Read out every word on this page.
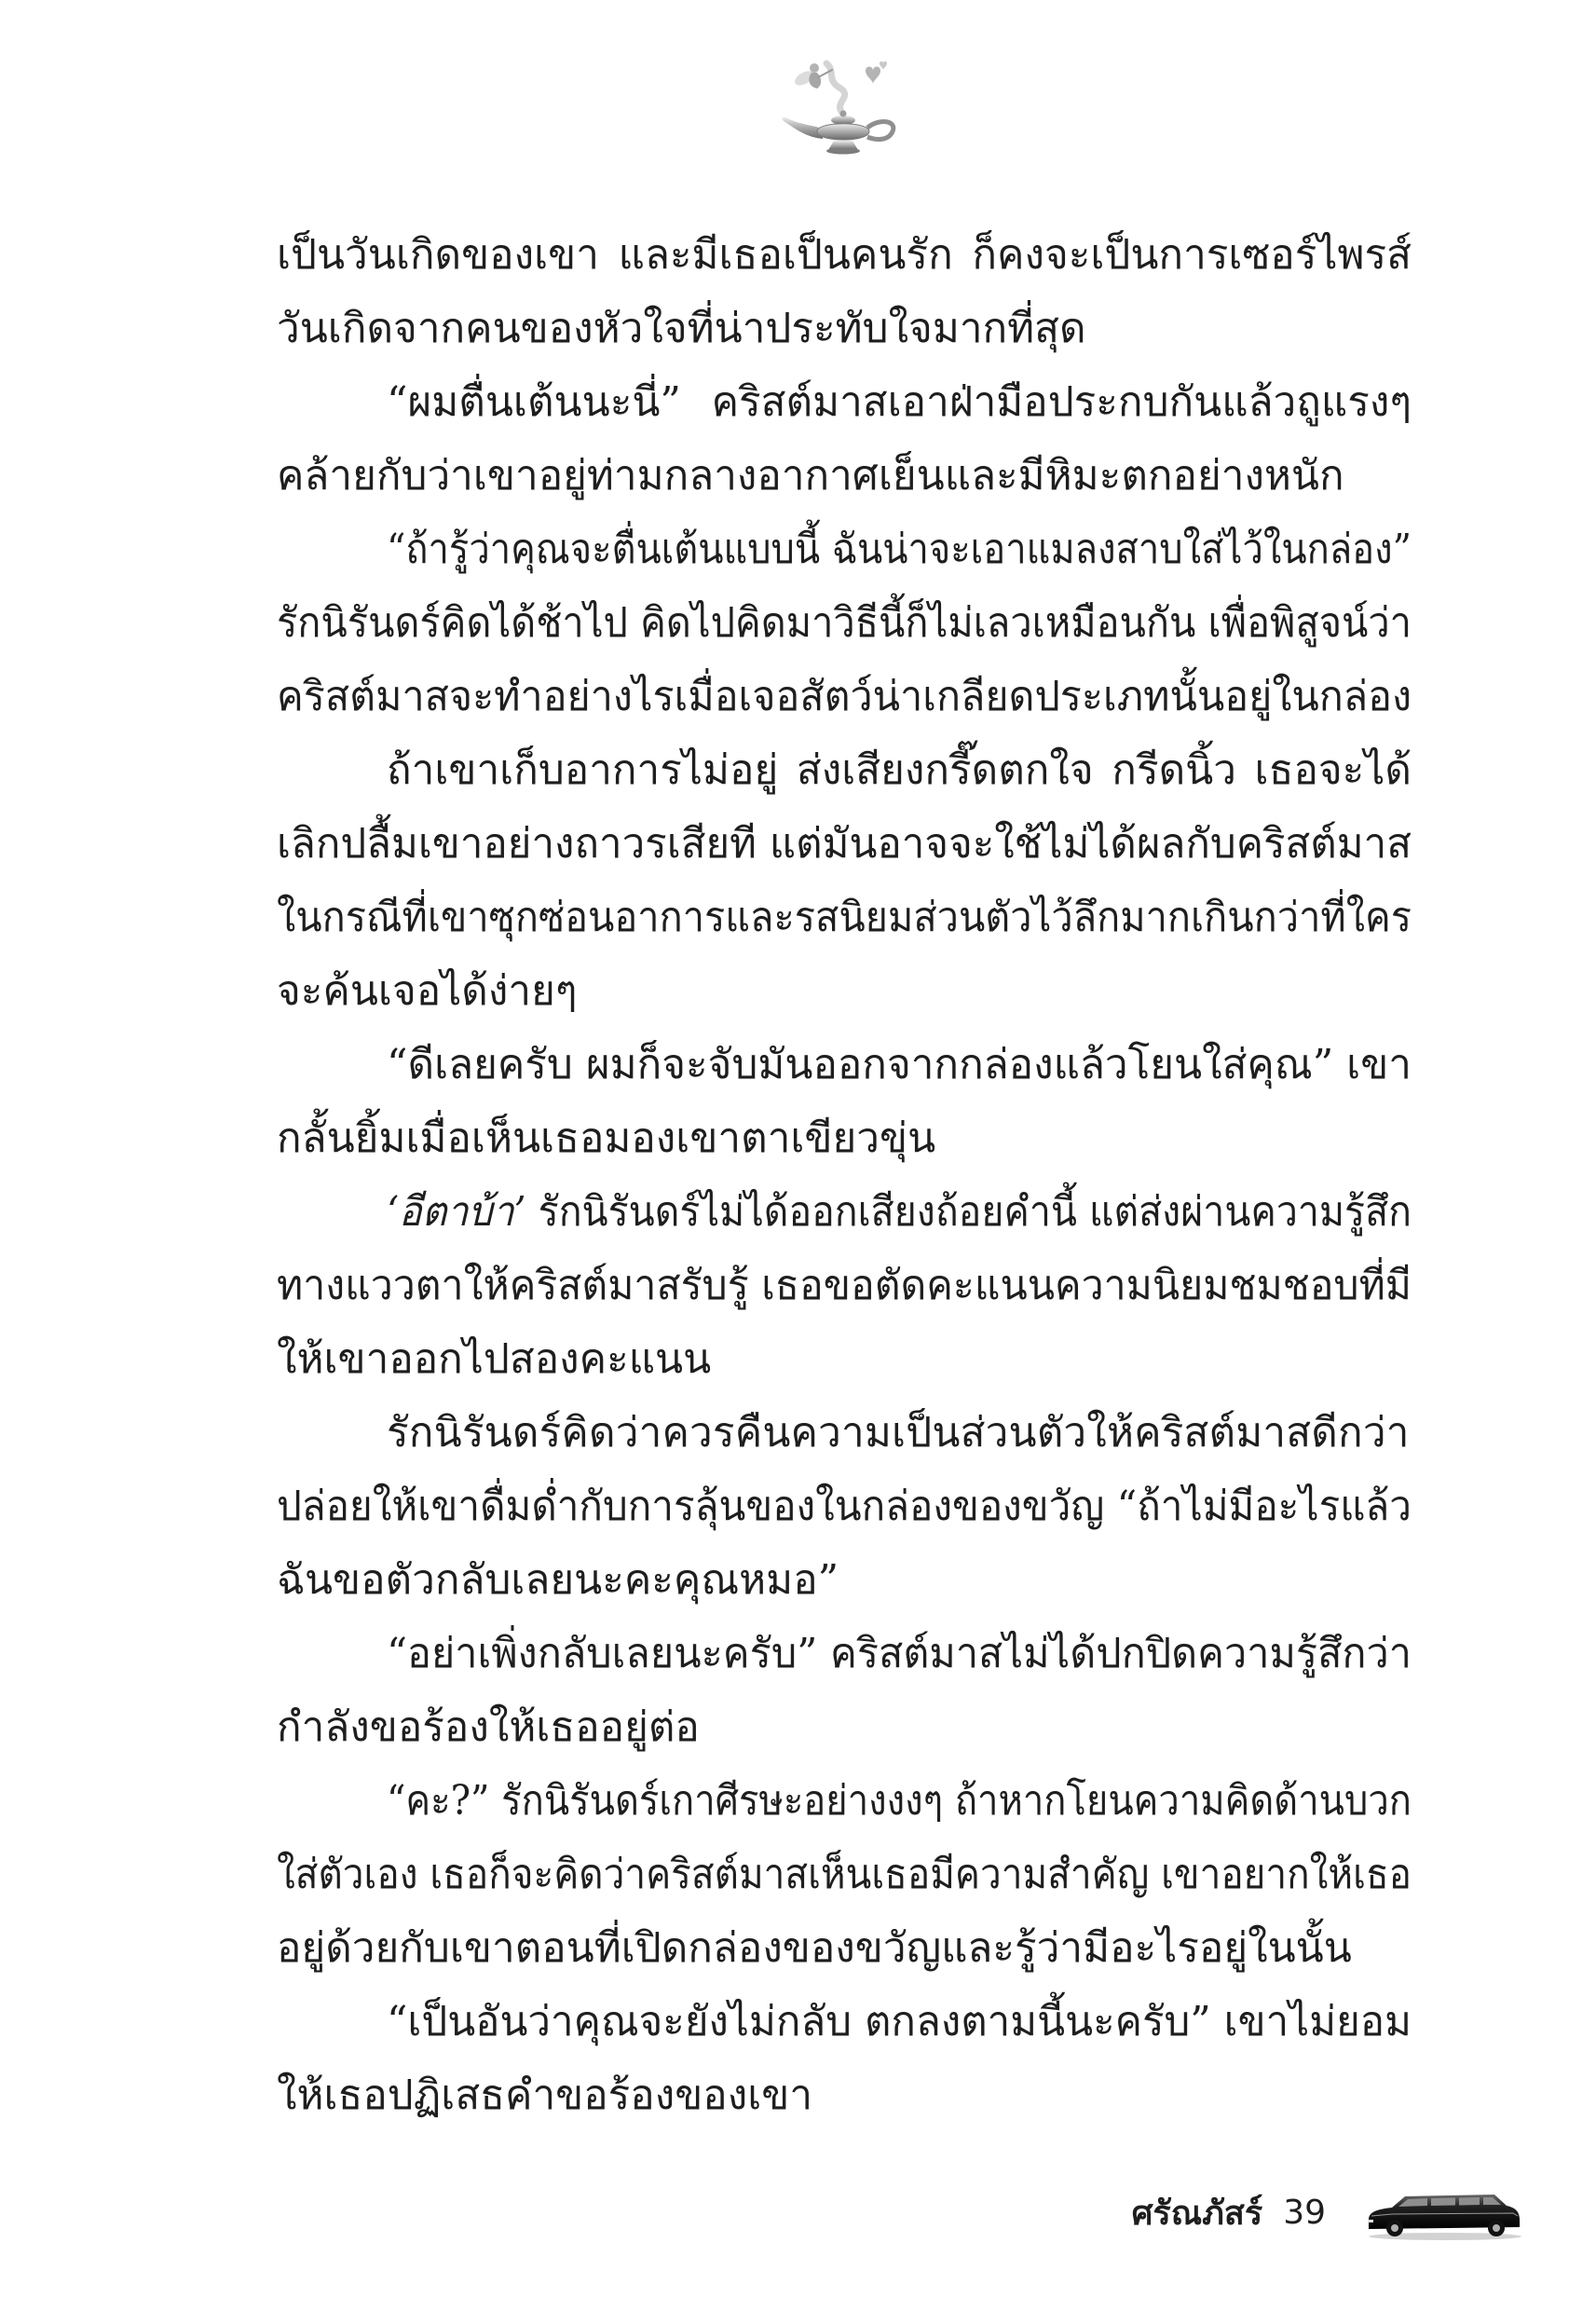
เป็นวันเกิดของเขา และมีเธอเป็นคนรัก ก็คงจะเป็นการเซอร์ไพรส์
วันเกิดจากคนของหัวใจที่น่าประทับใจมากที่สุด
“ผมตื่นเต้นนะนี่” คริสต์มาสเอาฝ่ามือประกบกันแล้วถูแรงๆ
คล้ายกับว่าเขาอยู่ท่ามกลางอากาศเย็นและมีหิมะตกอย่างหนัก
“ถ้ารู้ว่าคุณจะตื่นเต้นแบบนี้ ฉันน่าจะเอาแมลงสาบใส่ไว้ในกล่อง”
รักนิรันดร์คิดได้ช้าไป คิดไปคิดมาวิธีนี้ก็ไม่เลวเหมือนกัน เพื่อพิสูจน์ว่า
คริสต์มาสจะทำอย่างไรเมื่อเจอสัตว์น่าเกลียดประเภทนั้นอยู่ในกล่อง
ถ้าเขาเก็บอาการไม่อยู่ ส่งเสียงกรี๊ดตกใจ กรีดนิ้ว เธอจะได้
เลิกปลื้มเขาอย่างถาวรเสียที แต่มันอาจจะใช้ไม่ได้ผลกับคริสต์มาส
ในกรณีที่เขาซุกซ่อนอาการและรสนิยมส่วนตัวไว้ลึกมากเกินกว่าที่ใคร
จะค้นเจอได้ง่ายๆ
“ดีเลยครับ ผมก็จะจับมันออกจากกล่องแล้วโยนใส่คุณ” เขา
กลั้นยิ้มเมื่อเห็นเธอมองเขาตาเขียวขุ่น
‘อีตาบ้า’ รักนิรันดร์ไม่ได้ออกเสียงถ้อยคำนี้ แต่ส่งผ่านความรู้สึก
ทางแววตาให้คริสต์มาสรับรู้ เธอขอตัดคะแนนความนิยมชมชอบที่มี
ให้เขาออกไปสองคะแนน
รักนิรันดร์คิดว่าควรคืนความเป็นส่วนตัวให้คริสต์มาสดีกว่า
ปล่อยให้เขาดื่มด่ำกับการลุ้นของในกล่องของขวัญ “ถ้าไม่มีอะไรแล้ว
ฉันขอตัวกลับเลยนะคะคุณหมอ”
“อย่าเพิ่งกลับเลยนะครับ” คริสต์มาสไม่ได้ปกปิดความรู้สึกว่า
กำลังขอร้องให้เธออยู่ต่อ
“คะ?” รักนิรันดร์เกาศีรษะอย่างงงๆ ถ้าหากโยนความคิดด้านบวก
ใส่ตัวเอง เธอก็จะคิดว่าคริสต์มาสเห็นเธอมีความสำคัญ เขาอยากให้เธอ
อยู่ด้วยกับเขาตอนที่เปิดกล่องของขวัญและรู้ว่ามีอะไรอยู่ในนั้น
“เป็นอันว่าคุณจะยังไม่กลับ ตกลงตามนี้นะครับ” เขาไม่ยอม
ให้เธอปฏิเสธคำขอร้องของเขา
ศรัณภัสร์ 39
